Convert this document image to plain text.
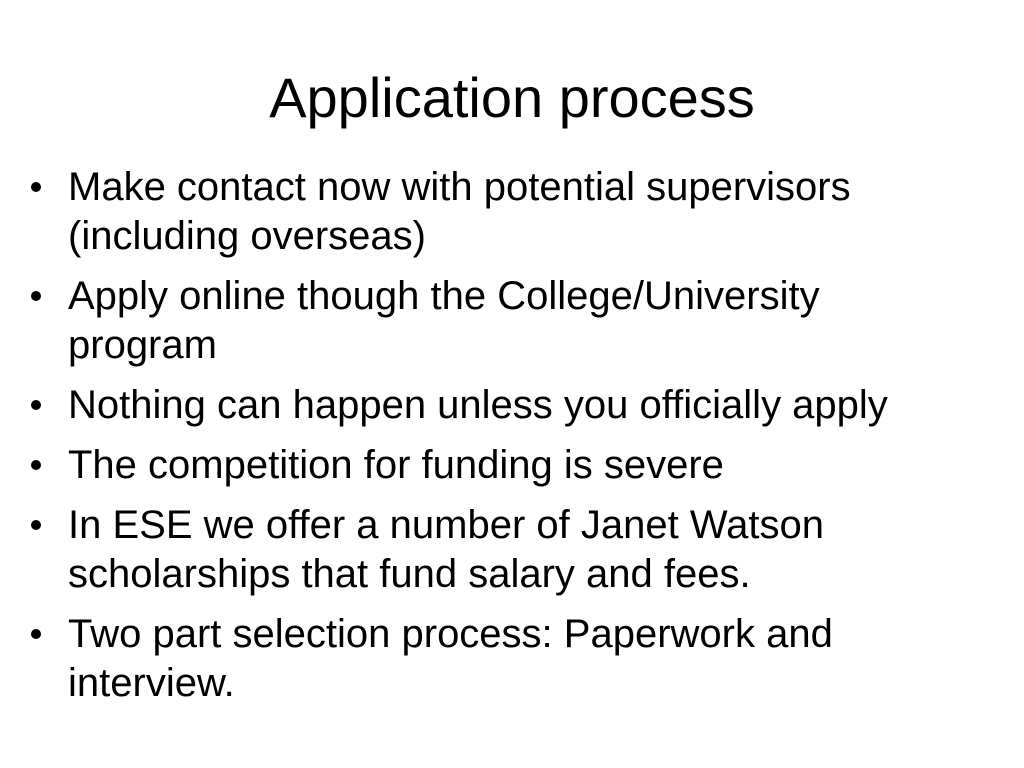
Application process
Make contact now with potential supervisors
(including overseas)
Apply online though the College/University
program
Nothing can happen unless you officially apply
The competition for funding is severe
In ESE we offer a number of Janet Watson
scholarships that fund salary and fees.
Two part selection process: Paperwork and
interview.
